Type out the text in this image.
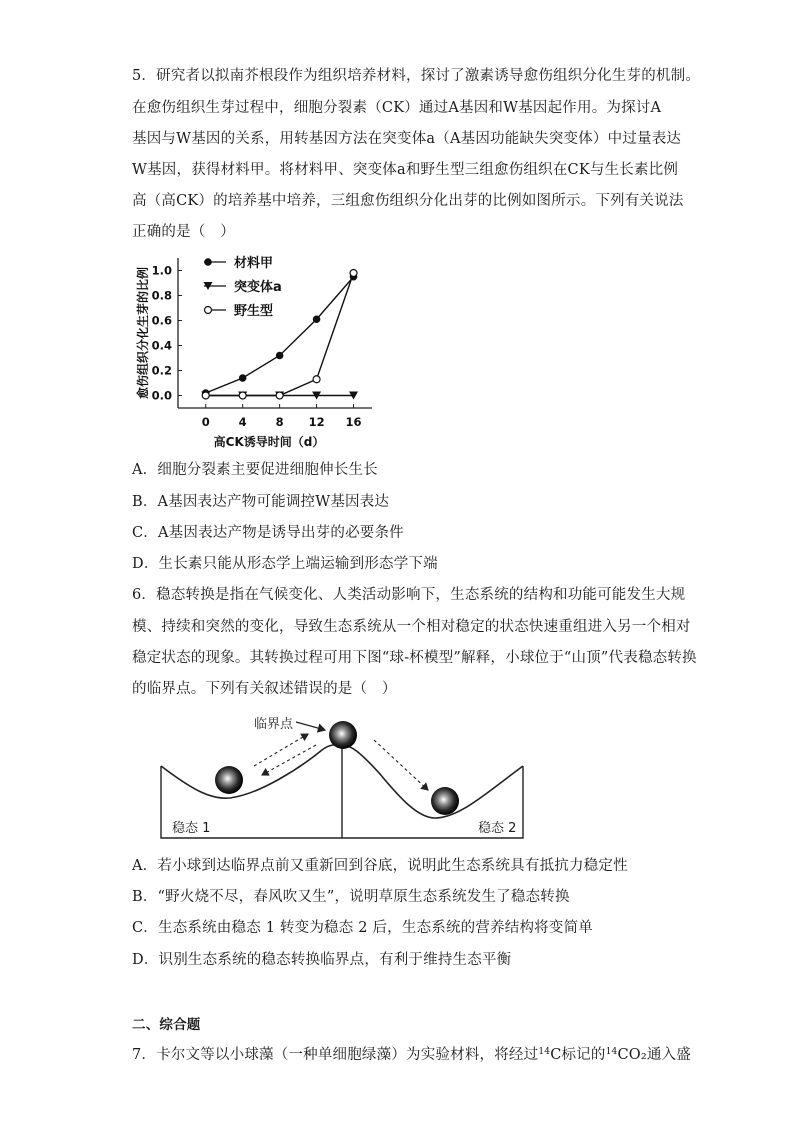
5．研究者以拟南芥根段作为组织培养材料，探讨了激素诱导愈伤组织分化生芽的机制。
在愈伤组织生芽过程中，细胞分裂素（CK）通过A基因和W基因起作用。为探讨A
基因与W基因的关系，用转基因方法在突变体a（A基因功能缺失突变体）中过量表达
W基因，获得材料甲。将材料甲、突变体a和野生型三组愈伤组织在CK与生长素比例
高（高CK）的培养基中培养，三组愈伤组织分化出芽的比例如图所示。下列有关说法
正确的是（　）
0.0
0.2
0.4
0.6
0.8
1.0
0	4	8 12 16
高CK诱导时间（d）
愈伤组织分化生芽的比例
材料甲
突变体a
野生型
A．细胞分裂素主要促进细胞伸长生长
B．A基因表达产物可能调控W基因表达
C．A基因表达产物是诱导出芽的必要条件
D．生长素只能从形态学上端运输到形态学下端
6．稳态转换是指在气候变化、人类活动影响下，生态系统的结构和功能可能发生大规
模、持续和突然的变化，导致生态系统从一个相对稳定的状态快速重组进入另一个相对
稳定状态的现象。其转换过程可用下图“球-杯模型”解释，小球位于“山顶”代表稳态转换
的临界点。下列有关叙述错误的是（　）
临界点
稳态 1	稳态 2
A．若小球到达临界点前又重新回到谷底，说明此生态系统具有抵抗力稳定性
B．“野火烧不尽，春风吹又生”，说明草原生态系统发生了稳态转换
C．生态系统由稳态 1 转变为稳态 2 后，生态系统的营养结构将变简单
D．识别生态系统的稳态转换临界点，有利于维持生态平衡
二、综合题
7．卡尔文等以小球藻（一种单细胞绿藻）为实验材料，将经过$^{14}$C标记的$^{14}$CO₂通入盛
